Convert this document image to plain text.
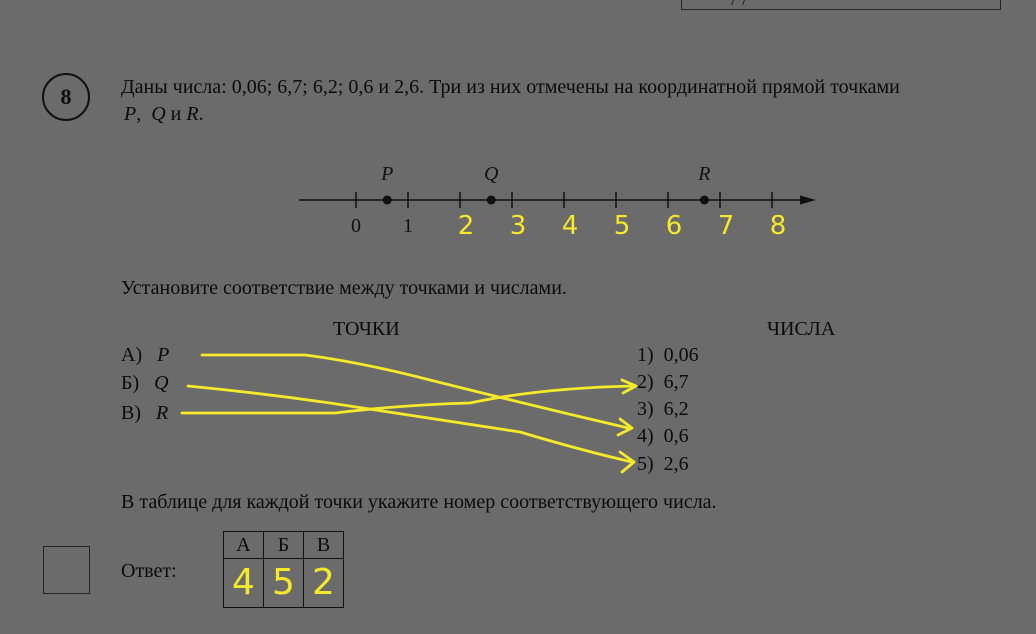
8 Даны числа: 0,06; 6,7; 6,2; 0,6 и 2,6. Три из них отмечены на координатной прямой точками
P, Q и R.
P	Q	R
0 1 2 3 4 5 6 7 8
Установите соответствие между точками и числами.
ТОЧКИ	ЧИСЛА
А) P
Б) Q
В) R
1) 0,06
2) 6,7
3) 6,2
4) 0,6
5) 2,6
В таблице для каждой точки укажите номер соответствующего числа.
Ответ:
А	Б	В
4	5	2
